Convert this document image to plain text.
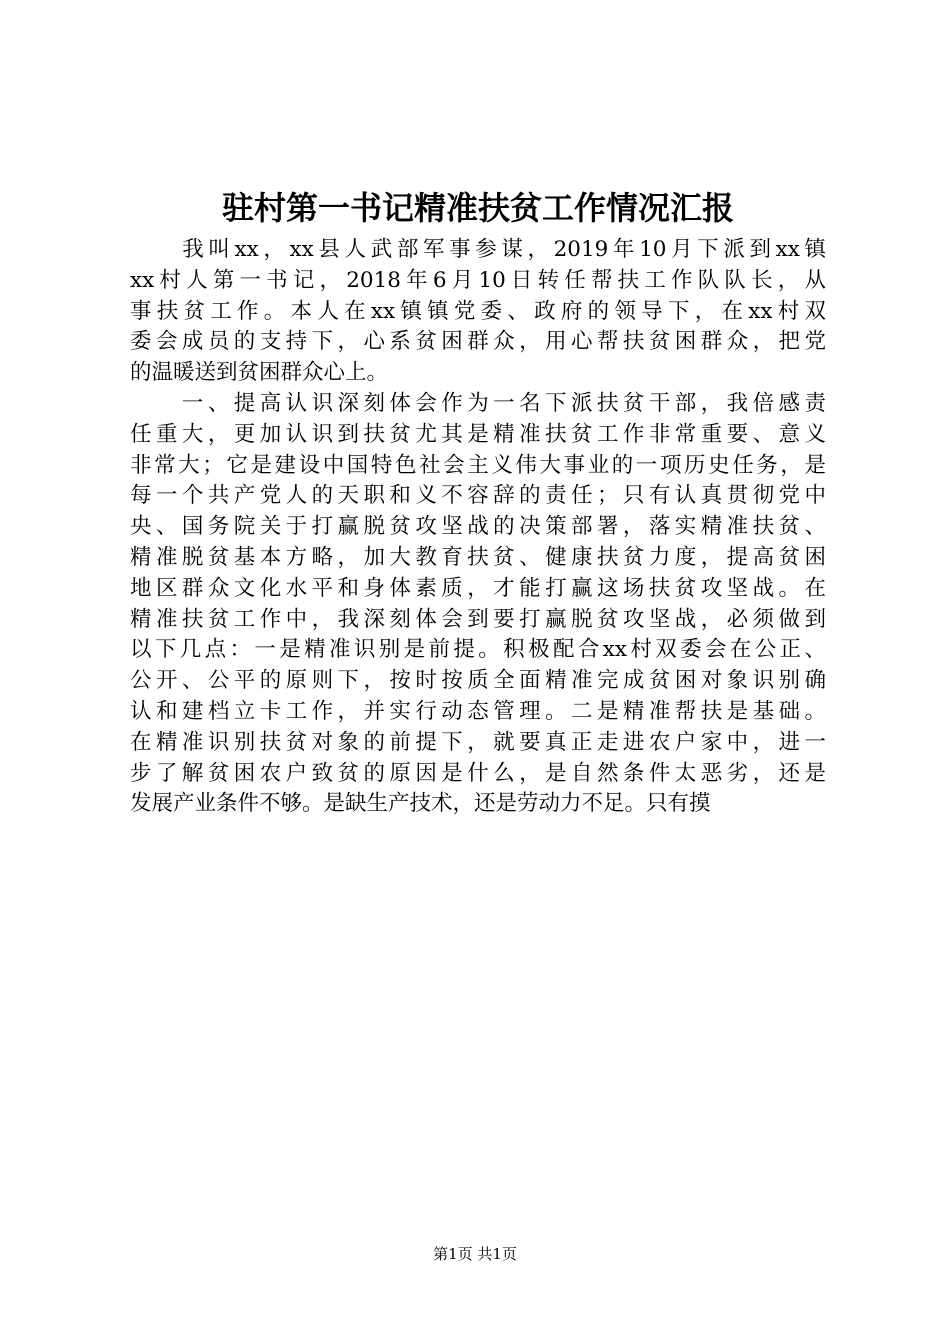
驻村第一书记精准扶贫工作情况汇报
　　我叫xx，xx县人武部军事参谋，2019年10月下派到xx镇
xx村人第一书记，2018年6月10日转任帮扶工作队队长，从
事扶贫工作。本人在xx镇镇党委、政府的领导下，在xx村双
委会成员的支持下，心系贫困群众，用心帮扶贫困群众，把党
的温暖送到贫困群众心上。
　　一、提高认识深刻体会作为一名下派扶贫干部，我倍感责
任重大，更加认识到扶贫尤其是精准扶贫工作非常重要、意义
非常大；它是建设中国特色社会主义伟大事业的一项历史任务，是
每一个共产党人的天职和义不容辞的责任；只有认真贯彻党中
央、国务院关于打赢脱贫攻坚战的决策部署，落实精准扶贫、
精准脱贫基本方略，加大教育扶贫、健康扶贫力度，提高贫困
地区群众文化水平和身体素质，才能打赢这场扶贫攻坚战。在
精准扶贫工作中，我深刻体会到要打赢脱贫攻坚战，必须做到
以下几点：一是精准识别是前提。积极配合xx村双委会在公正、
公开、公平的原则下，按时按质全面精准完成贫困对象识别确
认和建档立卡工作，并实行动态管理。二是精准帮扶是基础。
在精准识别扶贫对象的前提下，就要真正走进农户家中，进一
步了解贫困农户致贫的原因是什么，是自然条件太恶劣，还是
发展产业条件不够。是缺生产技术，还是劳动力不足。只有摸
第1页 共1页
